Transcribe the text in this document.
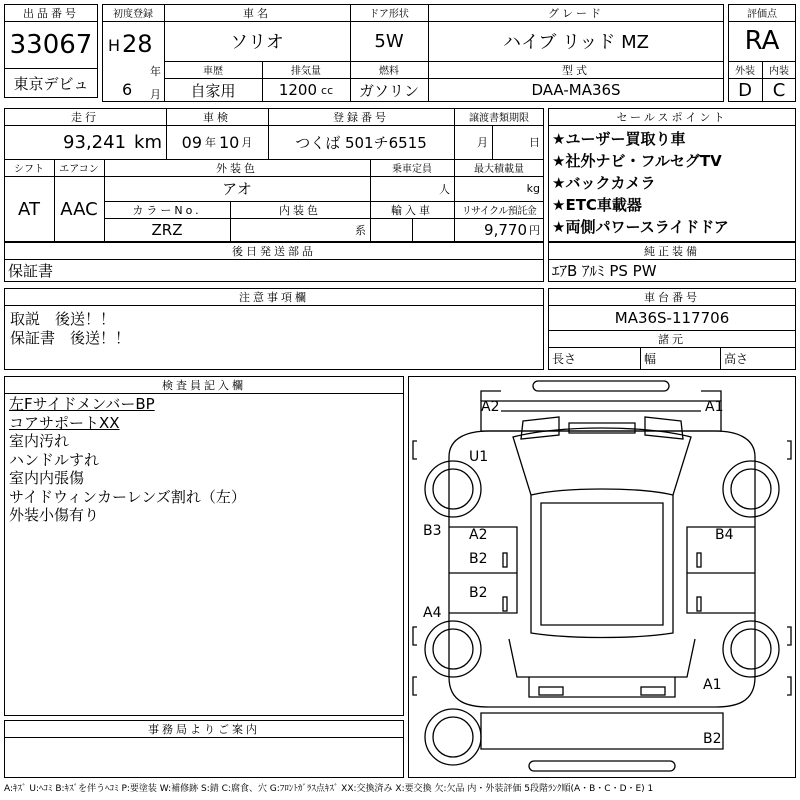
出品番号
33067
東京デビュ
初度登録
H 28
年
6 月
車名
ソリオ
ドア形状
5W
グレード
ハイブ リッド MZ
車歴
自家用
排気量
1200 cc
燃料
ガソリン
型式
DAA-MA36S
評価点
RA
外装	内装
D	C
走行
93,241 km
車検
09 年 10 月
登録番号
つくば 501チ6515
譲渡書類期限
月	日
シフト
AT
エアコン
AAC
外装色
アオ
乗車定員
人
最大積載量
kg
カラーNo.
ZRZ
内装色
系
輸入車	リサイクル預託金
9,770 円
セールスポイント
★ユーザー買取り車
★社外ナビ・フルセグTV
★バックカメラ
★ETC車載器
★両側パワースライドドア
後日発送部品
保証書
純正装備
ｴｱB ｱﾙﾐ PS PW
注意事項欄
取説　後送！！
保証書　後送！！
車台番号
MA36S-117706
諸元
長さ	幅	高さ
検査員記入欄
左FサイドメンバーBP
コアサポートXX
室内汚れ
ハンドルすれ
室内内張傷
サイドウィンカーレンズ割れ（左）
外装小傷有り
事務局よりご案内
A2	A1
U1
B3 A2
B2
B2
B4
A4
A1
B2
A:ｷｽﾞ U:ﾍｺﾐ B:ｷｽﾞを伴うﾍｺﾐ P:要塗装 W:補修跡 S:錆 C:腐食、穴 G:ﾌﾛﾝﾄｶﾞﾗｽ点ｷｽﾞ XX:交換済み X:要交換 欠:欠品 内・外装評価 5段階ﾗﾝｸ順(A・B・C・D・E) 1
